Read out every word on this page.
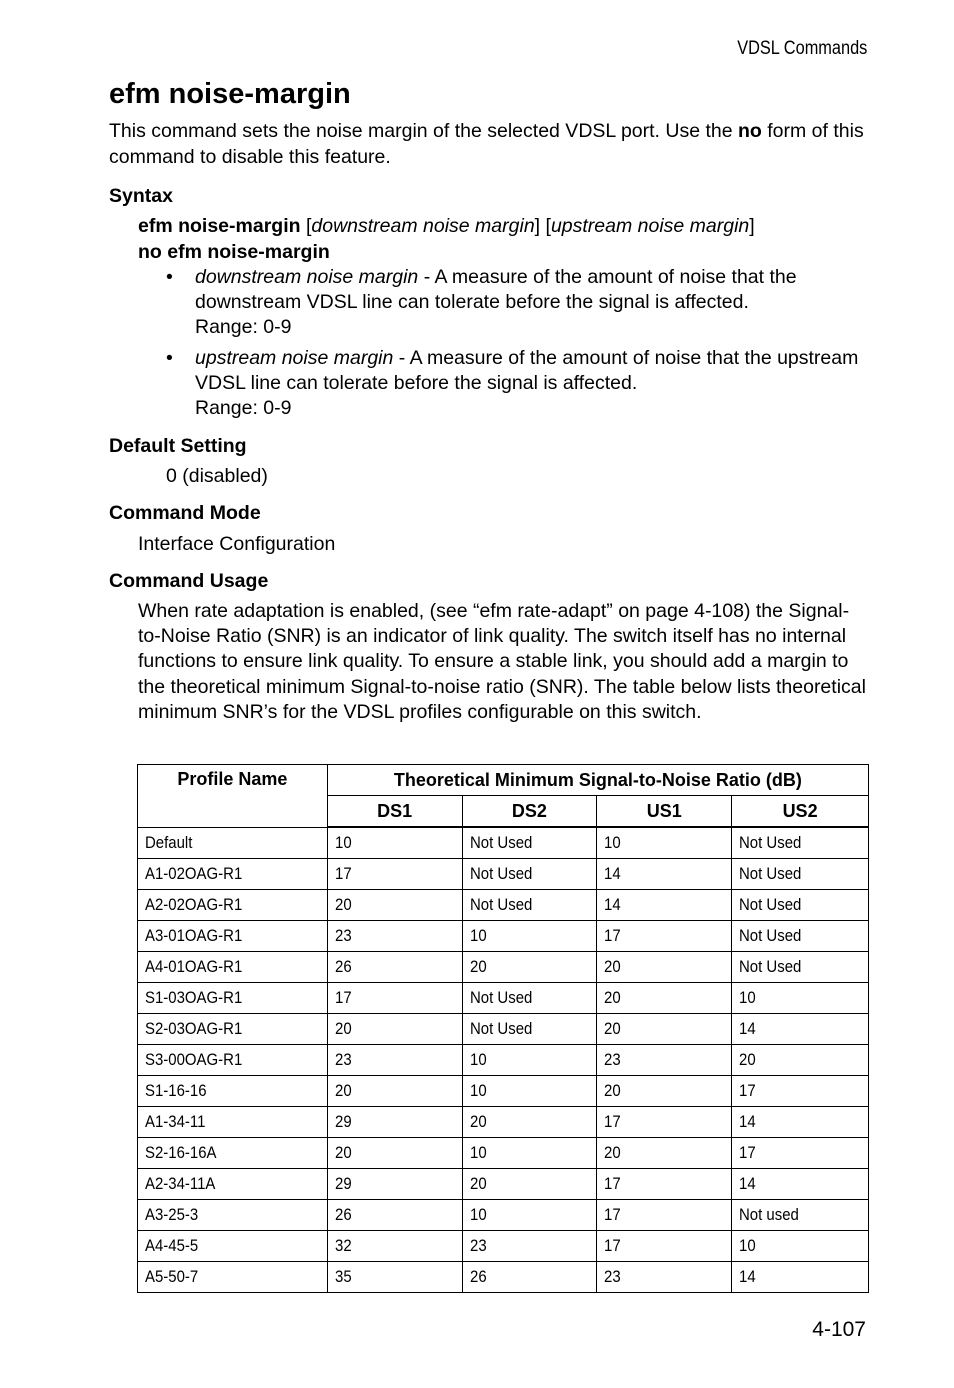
VDSL Commands
efm noise-margin

This command sets the noise margin of the selected VDSL port. Use the no form of this command to disable this feature.

Syntax

efm noise-margin [downstream noise margin] [upstream noise margin]

no efm noise-margin

• downstream noise margin - A measure of the amount of noise that the downstream VDSL line can tolerate before the signal is affected.
Range: 0-9
• upstream noise margin - A measure of the amount of noise that the upstream VDSL line can tolerate before the signal is affected.
Range: 0-9
Default Setting

0 (disabled)

Command Mode

Interface Configuration

Command Usage

When rate adaptation is enabled, (see “efm rate-adapt” on page 4-108) the Signal-to-Noise Ratio (SNR) is an indicator of link quality. The switch itself has no internal functions to ensure link quality. To ensure a stable link, you should add a margin to the theoretical minimum Signal-to-noise ratio (SNR). The table below lists theoretical minimum SNR’s for the VDSL profiles configurable on this switch.

Profile Name	Theoretical Minimum Signal-to-Noise Ratio (dB)			
	DS1	DS2	US1	US2
Default	10	Not Used	10	Not Used
A1-02OAG-R1	17	Not Used	14	Not Used
A2-02OAG-R1	20	Not Used	14	Not Used
A3-01OAG-R1	23	10	17	Not Used
A4-01OAG-R1	26	20	20	Not Used
S1-03OAG-R1	17	Not Used	20	10
S2-03OAG-R1	20	Not Used	20	14
S3-00OAG-R1	23	10	23	20
S1-16-16	20	10	20	17
A1-34-11	29	20	17	14
S2-16-16A	20	10	20	17
A2-34-11A	29	20	17	14
A3-25-3	26	10	17	Not used
A4-45-5	32	23	17	10
A5-50-7	35	26	23	14
4-107
